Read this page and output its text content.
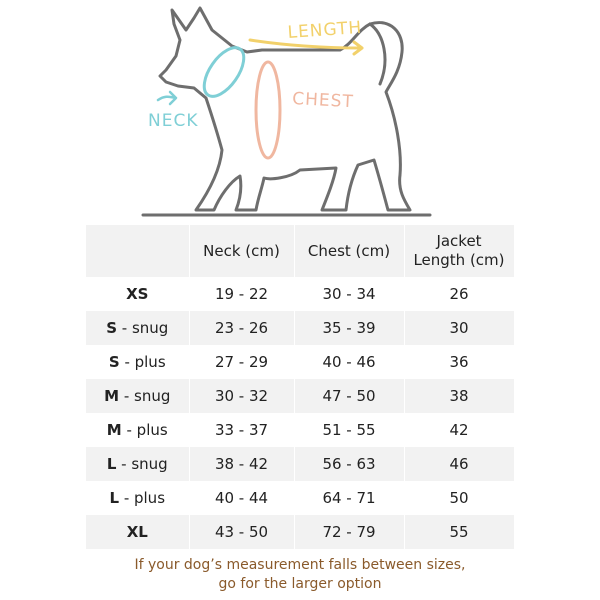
NECK
LENGTH
CHEST
	Neck (cm)	Chest (cm)	Jacket
Length (cm)

XS	19 - 22	30 - 34	26
S - snug	23 - 26	35 - 39	30
S - plus	27 - 29	40 - 46	36
M - snug	30 - 32	47 - 50	38
M - plus	33 - 37	51 - 55	42
L - snug	38 - 42	56 - 63	46
L - plus	40 - 44	64 - 71	50
XL	43 - 50	72 - 79	55
If your dog’s measurement falls between sizes,
go for the larger option
